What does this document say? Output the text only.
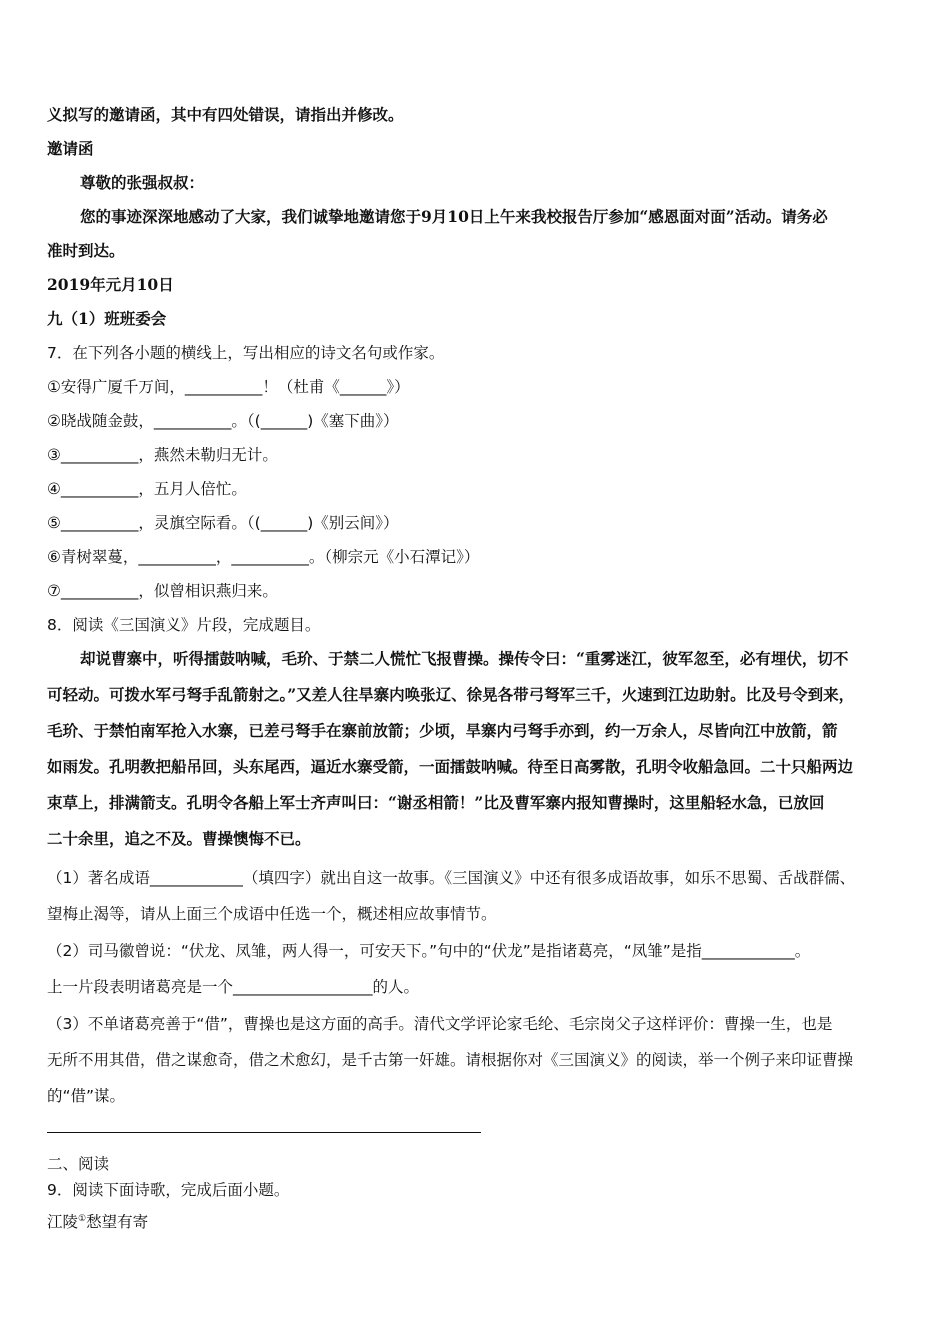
义拟写的邀请函，其中有四处错误，请指出并修改。
邀请函
尊敬的张强叔叔：
您的事迹深深地感动了大家，我们诚挚地邀请您于9月10日上午来我校报告厅参加“感恩面对面”活动。请务必
准时到达。
2019年元月10日
九（1）班班委会
7．在下列各小题的横线上，写出相应的诗文名句或作家。
①安得广厦千万间，__________！（杜甫《______》）
②晓战随金鼓，__________。（(______)《塞下曲》）
③__________，燕然未勒归无计。
④__________，五月人倍忙。
⑤__________，灵旗空际看。（(______)《别云间》）
⑥青树翠蔓，__________，__________。（柳宗元《小石潭记》）
⑦__________，似曾相识燕归来。
8．阅读《三国演义》片段，完成题目。
却说曹寨中，听得擂鼓呐喊，毛玠、于禁二人慌忙飞报曹操。操传令曰：“重雾迷江，彼军忽至，必有埋伏，切不
可轻动。可拨水军弓弩手乱箭射之。”又差人往旱寨内唤张辽、徐晃各带弓弩军三千，火速到江边助射。比及号令到来，
毛玠、于禁怕南军抢入水寨，已差弓弩手在寨前放箭；少顷，旱寨内弓弩手亦到，约一万余人，尽皆向江中放箭，箭
如雨发。孔明教把船吊回，头东尾西，逼近水寨受箭，一面擂鼓呐喊。待至日高雾散，孔明令收船急回。二十只船两边
束草上，排满箭支。孔明令各船上军士齐声叫曰：“谢丞相箭！”比及曹军寨内报知曹操时，这里船轻水急，已放回
二十余里，追之不及。曹操懊悔不已。
（1）著名成语____________（填四字）就出自这一故事。《三国演义》中还有很多成语故事，如乐不思蜀、舌战群儒、
望梅止渴等，请从上面三个成语中任选一个，概述相应故事情节。
（2）司马徽曾说：“伏龙、凤雏，两人得一，可安天下。”句中的“伏龙”是指诸葛亮，“凤雏”是指____________。
上一片段表明诸葛亮是一个__________________的人。
（3）不单诸葛亮善于“借”，曹操也是这方面的高手。清代文学评论家毛纶、毛宗岗父子这样评价：曹操一生，也是
无所不用其借，借之谋愈奇，借之术愈幻，是千古第一奸雄。请根据你对《三国演义》的阅读，举一个例子来印证曹操
的“借”谋。
二、阅读
9．阅读下面诗歌，完成后面小题。
江陵①愁望有寄
